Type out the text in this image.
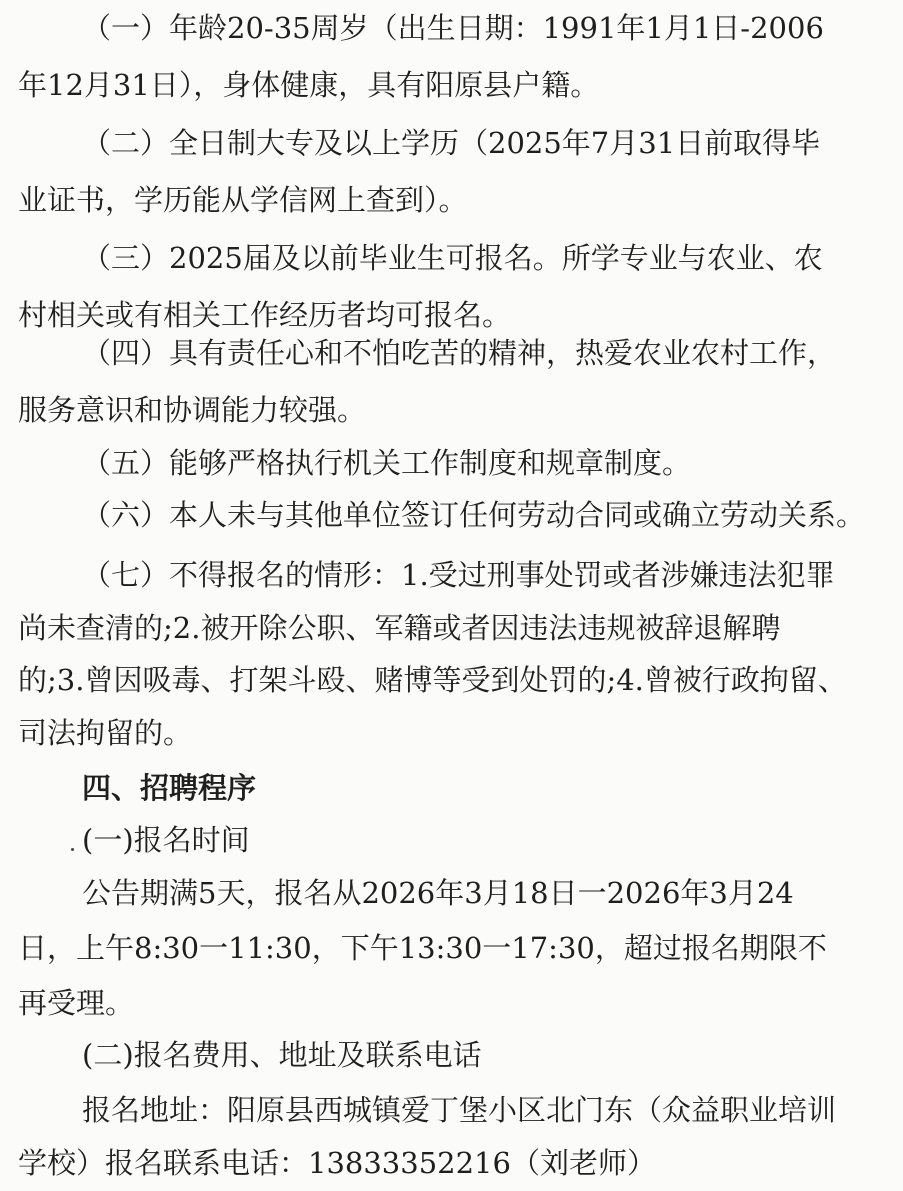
（一）年龄20-35周岁（出生日期：1991年1月1日-2006

年12月31日），身体健康，具有阳原县户籍。

（二）全日制大专及以上学历（2025年7月31日前取得毕

业证书，学历能从学信网上查到）。

（三）2025届及以前毕业生可报名。所学专业与农业、农

村相关或有相关工作经历者均可报名。

（四）具有责任心和不怕吃苦的精神，热爱农业农村工作，

服务意识和协调能力较强。

（五）能够严格执行机关工作制度和规章制度。

（六）本人未与其他单位签订任何劳动合同或确立劳动关系。

（七）不得报名的情形：1.受过刑事处罚或者涉嫌违法犯罪

尚未查清的;2.被开除公职、军籍或者因违法违规被辞退解聘

的;3.曾因吸毒、打架斗殴、赌博等受到处罚的;4.曾被行政拘留、

司法拘留的。

四、招聘程序

(一)报名时间

公告期满5天，报名从2026年3月18日一2026年3月24

日，上午8:30一11:30，下午13:30一17:30，超过报名期限不

再受理。

(二)报名费用、地址及联系电话

报名地址：阳原县西城镇爱丁堡小区北门东（众益职业培训

学校）报名联系电话：13833352216（刘老师）
